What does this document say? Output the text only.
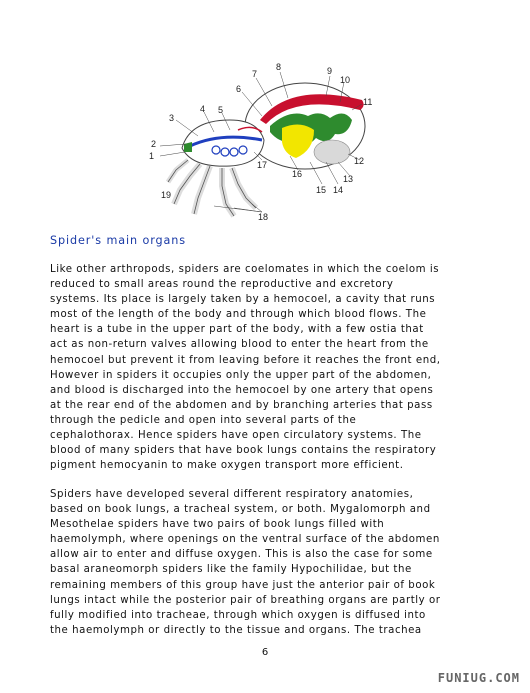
1
2
3
4 5
6
7
8	9
10
11
12
13
14
15
16
17
18
19
Spider's main organs

Like other arthropods, spiders are coelomates in which the coelom is
reduced to small areas round the reproductive and excretory
systems. Its place is largely taken by a hemocoel, a cavity that runs
most of the length of the body and through which blood flows. The
heart is a tube in the upper part of the body, with a few ostia that
act as non-return valves allowing blood to enter the heart from the
hemocoel but prevent it from leaving before it reaches the front end,
However in spiders it occupies only the upper part of the abdomen,
and blood is discharged into the hemocoel by one artery that opens
at the rear end of the abdomen and by branching arteries that pass
through the pedicle and open into several parts of the
cephalothorax. Hence spiders have open circulatory systems. The
blood of many spiders that have book lungs contains the respiratory
pigment hemocyanin to make oxygen transport more efficient.

Spiders have developed several different respiratory anatomies,
based on book lungs, a tracheal system, or both. Mygalomorph and
Mesothelae spiders have two pairs of book lungs filled with
haemolymph, where openings on the ventral surface of the abdomen
allow air to enter and diffuse oxygen. This is also the case for some
basal araneomorph spiders like the family Hypochilidae, but the
remaining members of this group have just the anterior pair of book
lungs intact while the posterior pair of breathing organs are partly or
fully modified into tracheae, through which oxygen is diffused into
the haemolymph or directly to the tissue and organs. The trachea

6
FUNIUG.COM
